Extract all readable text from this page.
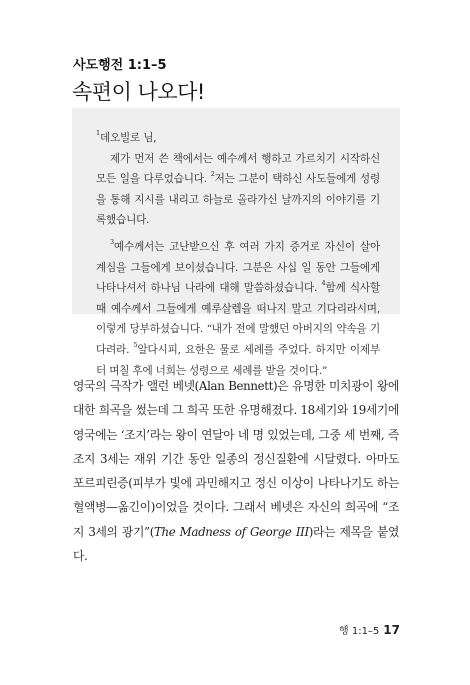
사도행전 1:1–5
속편이 나오다!

$^1$데오빌로 님,

제가 먼저 쓴 책에서는 예수께서 행하고 가르치기 시작하신 모든 일을 다루었습니다. $^2$저는 그분이 택하신 사도들에게 성령을 통해 지시를 내리고 하늘로 올라가신 날까지의 이야기를 기록했습니다.

$^3$예수께서는 고난받으신 후 여러 가지 증거로 자신이 살아 계심을 그들에게 보이셨습니다. 그분은 사십 일 동안 그들에게 나타나셔서 하나님 나라에 대해 말씀하셨습니다. $^4$함께 식사할 때 예수께서 그들에게 예루살렘을 떠나지 말고 기다리라시며, 이렇게 당부하셨습니다. “내가 전에 말했던 아버지의 약속을 기다려라. $^5$알다시피, 요한은 물로 세례를 주었다. 하지만 이제부터 며칠 후에 너희는 성령으로 세례를 받을 것이다.”

영국의 극작가 앨런 베넷(Alan Bennett)은 유명한 미치광이 왕에 대한 희곡을 썼는데 그 희곡 또한 유명해졌다. 18세기와 19세기에 영국에는 ‘조지’라는 왕이 연달아 네 명 있었는데, 그중 세 번째, 즉 조지 3세는 재위 기간 동안 일종의 정신질환에 시달렸다. 아마도 포르피린증(피부가 빛에 과민해지고 정신 이상이 나타나기도 하는 혈액병—옮긴이)이었을 것이다. 그래서 베넷은 자신의 희곡에 “조지 3세의 광기”(The Madness of George III)라는 제목을 붙였다.

행 1:1–5 17
